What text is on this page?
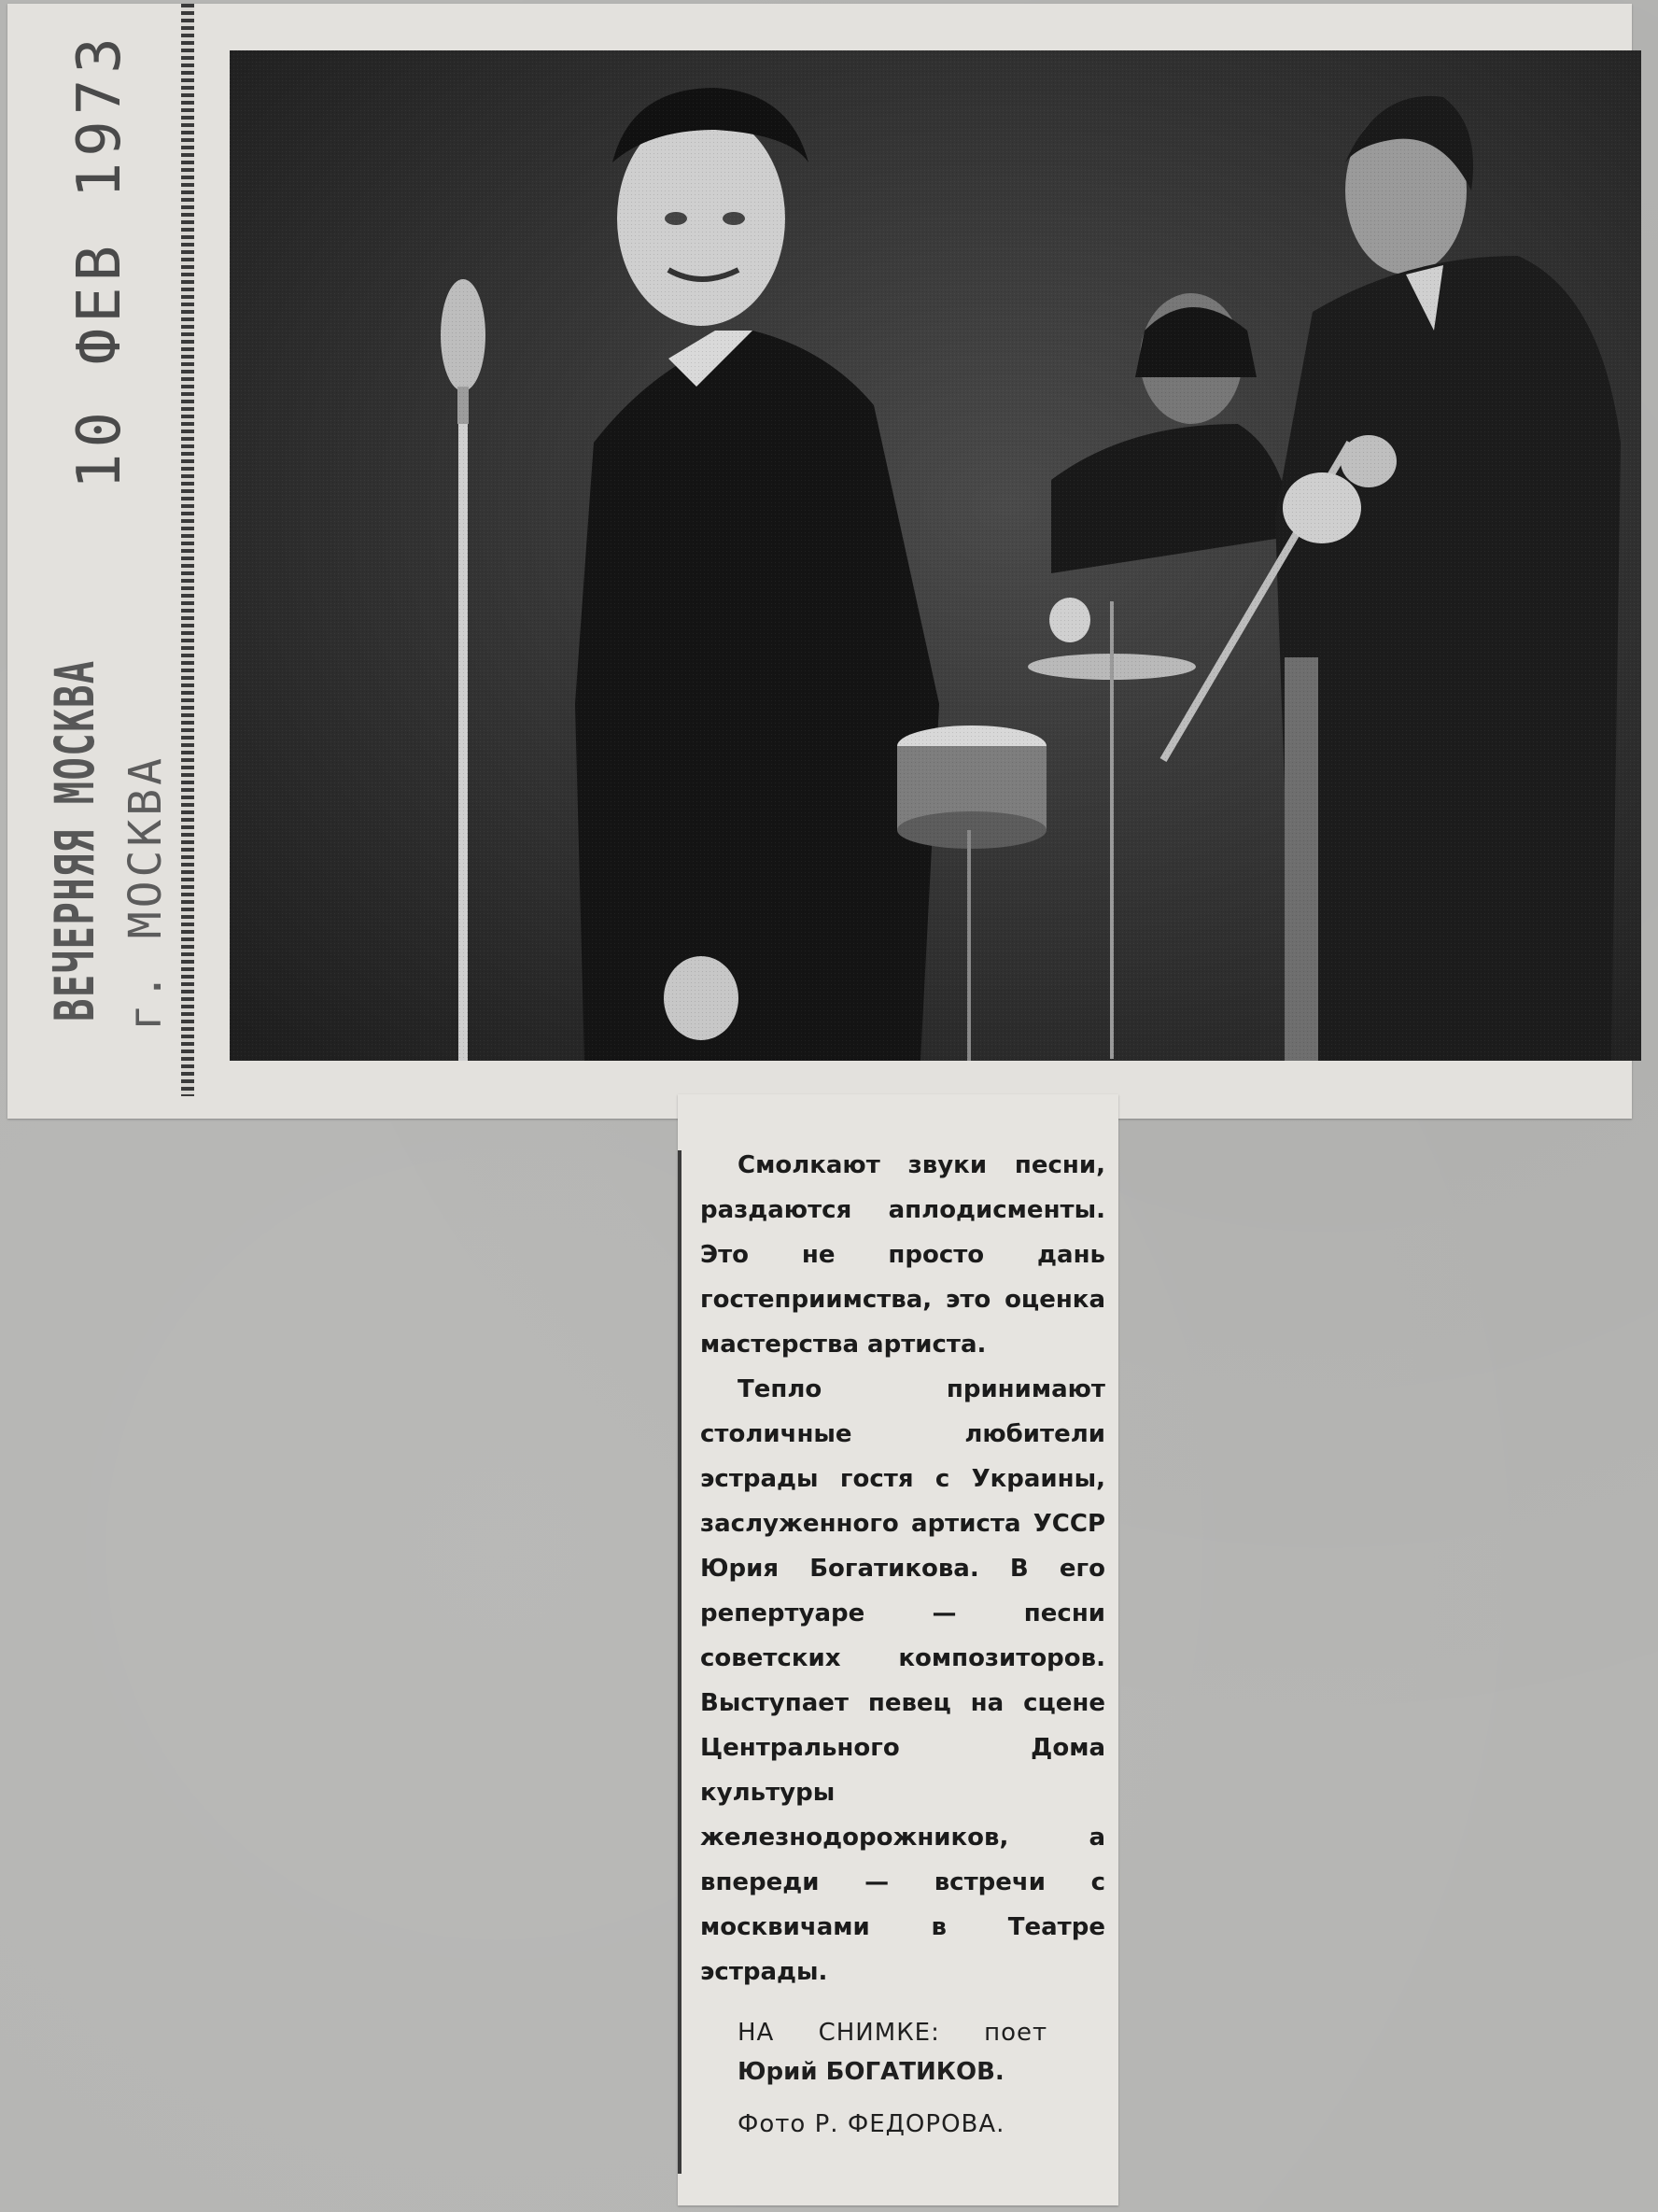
10 ФЕВ 1973
ВЕЧЕРНЯЯ МОСКВА г. МОСКВА

Смолкают звуки песни, раздаются аплодисменты. Это не просто дань гостеприимства, это оценка мастерства артиста.

Тепло принимают столичные любители эстрады гостя с Украины, заслуженного артиста УССР Юрия Богатикова. В его репертуаре — песни советских композиторов. Выступает певец на сцене Центрального Дома культуры железнодорожников, а впереди — встречи с москвичами в Театре эстрады.

НА СНИМКЕ: поет
Юрий БОГАТИКОВ.
Фото Р. ФЕДОРОВА.
